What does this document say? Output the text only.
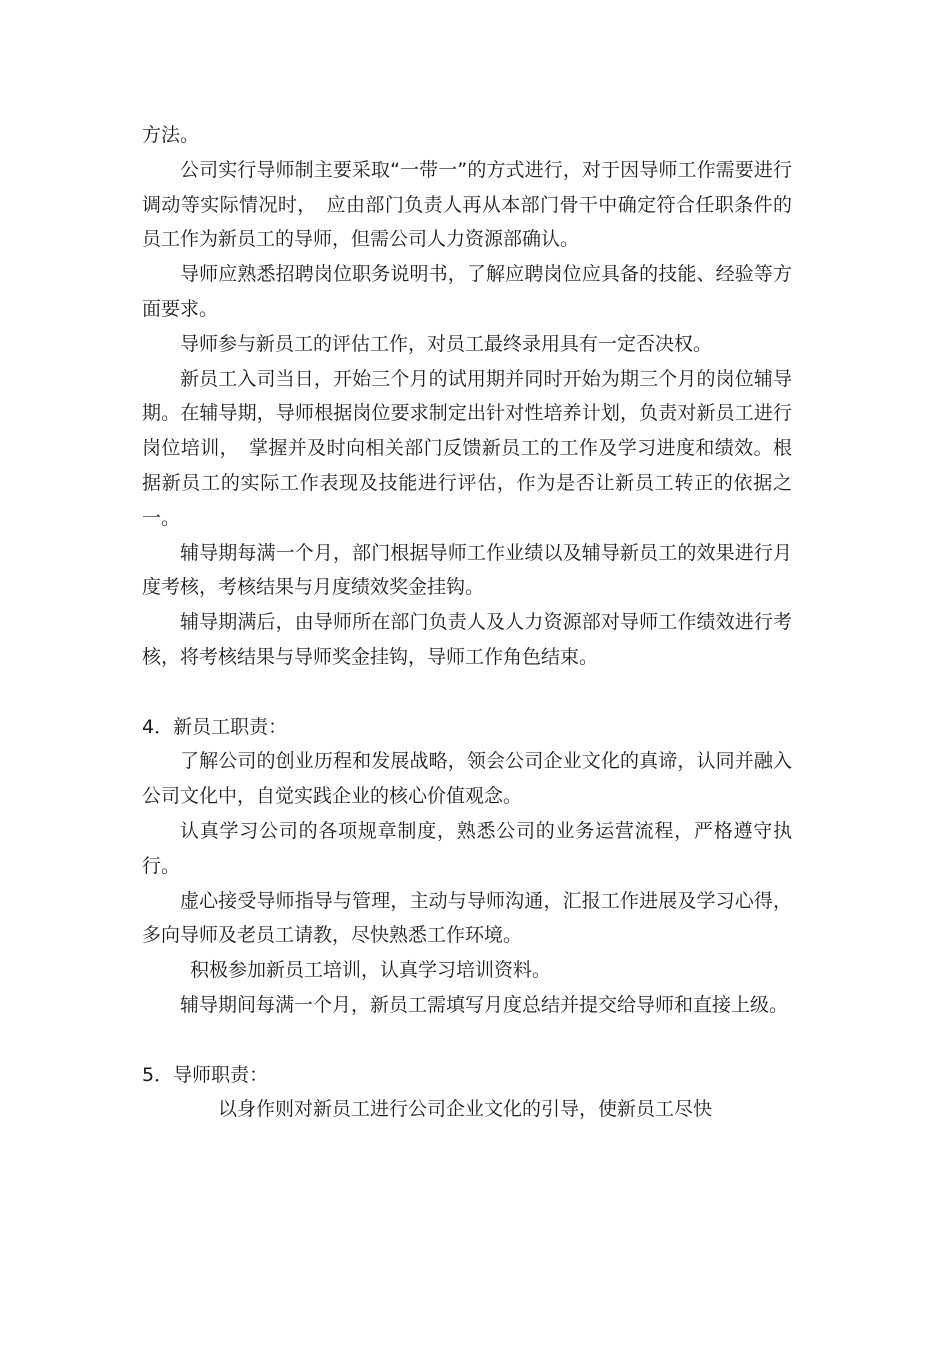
方法。

公司实行导师制主要采取“一带一”的方式进行，对于因导师工作需要进行调动等实际情况时，　应由部门负责人再从本部门骨干中确定符合任职条件的员工作为新员工的导师，但需公司人力资源部确认。

导师应熟悉招聘岗位职务说明书，了解应聘岗位应具备的技能、经验等方面要求。

导师参与新员工的评估工作，对员工最终录用具有一定否决权。

新员工入司当日，开始三个月的试用期并同时开始为期三个月的岗位辅导期。在辅导期，导师根据岗位要求制定出针对性培养计划，负责对新员工进行岗位培训，　掌握并及时向相关部门反馈新员工的工作及学习进度和绩效。根据新员工的实际工作表现及技能进行评估，作为是否让新员工转正的依据之一。

辅导期每满一个月，部门根据导师工作业绩以及辅导新员工的效果进行月度考核，考核结果与月度绩效奖金挂钩。

辅导期满后，由导师所在部门负责人及人力资源部对导师工作绩效进行考核，将考核结果与导师奖金挂钩，导师工作角色结束。

4．新员工职责：

了解公司的创业历程和发展战略，领会公司企业文化的真谛，认同并融入公司文化中，自觉实践企业的核心价值观念。

认真学习公司的各项规章制度，熟悉公司的业务运营流程，严格遵守执行。

虚心接受导师指导与管理，主动与导师沟通，汇报工作进展及学习心得，多向导师及老员工请教，尽快熟悉工作环境。

积极参加新员工培训，认真学习培训资料。

辅导期间每满一个月，新员工需填写月度总结并提交给导师和直接上级。

5．导师职责：

以身作则对新员工进行公司企业文化的引导，使新员工尽快
